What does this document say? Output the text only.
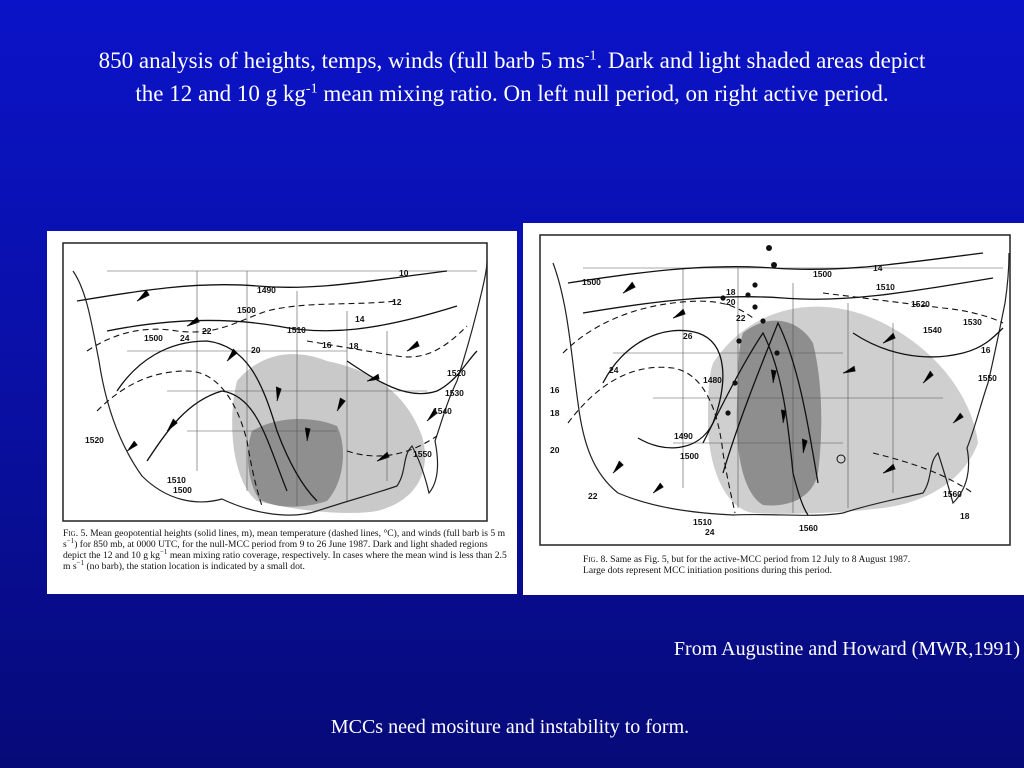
850 analysis of heights, temps, winds (full barb 5 $ms^{-1}$. Dark and light shaded areas depict the 12 and 10 g $kg^{-1}$ mean mixing ratio. On left null period, on right active period.

1490
1500
1500
1510
1510
1520
1520
1530
1540
1550
1500
10
12
14
16 18
20
22
24

Fig. 5. Mean geopotential heights (solid lines, m), mean temperature (dashed lines, °C), and winds (full barb is 5 m $s^{-1}$) for 850 mb, at 0000 UTC, for the null-MCC period from 9 to 26 June 1987. Dark and light shaded regions depict the 12 and 10 g $kg^{-1}$ mean mixing ratio coverage, respectively. In cases where the mean wind is less than 2.5 m $s^{-1}$ (no barb), the station location is indicated by a small dot.

1480
1490
1500
1500
1500
1510
1510
1520
1530
1540
1550
1560
1560
14
16
16
18
18
18
20
20
22
22
24
24
26

Fig. 8. Same as Fig. 5, but for the active-MCC period from 12 July to 8 August 1987.
Large dots represent MCC initiation positions during this period.

From Augustine and Howard (MWR,1991)

MCCs need mositure and instability to form.
